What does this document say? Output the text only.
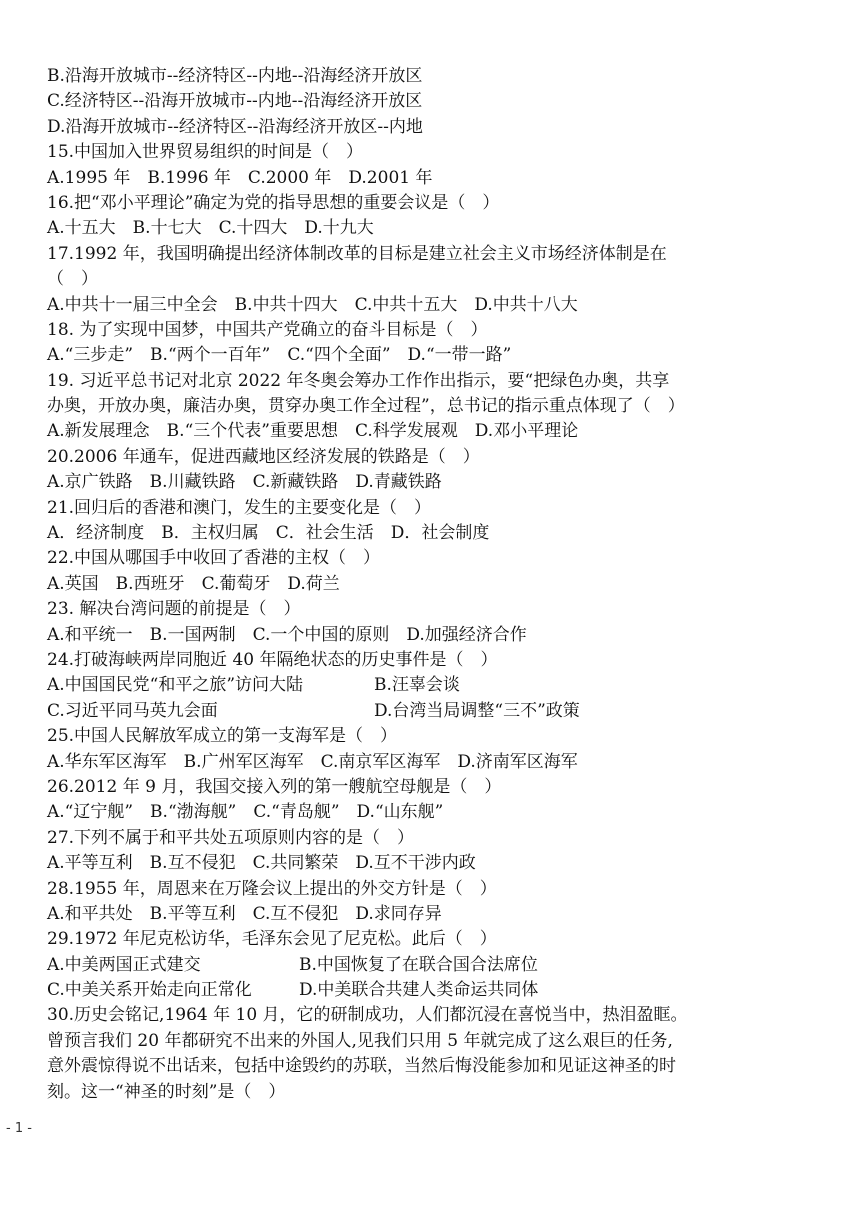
B.沿海开放城市--经济特区--内地--沿海经济开放区
C.经济特区--沿海开放城市--内地--沿海经济开放区
D.沿海开放城市--经济特区--沿海经济开放区--内地
15.中国加入世界贸易组织的时间是（　）
A.1995 年　B.1996 年　C.2000 年　D.2001 年
16.把“邓小平理论”确定为党的指导思想的重要会议是（　）
A.十五大　B.十七大　C.十四大　D.十九大
17.1992 年，我国明确提出经济体制改革的目标是建立社会主义市场经济体制是在
（　）
A.中共十一届三中全会　B.中共十四大　C.中共十五大　D.中共十八大
18. 为了实现中国梦，中国共产党确立的奋斗目标是（　）
A.“三步走”　B.“两个一百年”　C.“四个全面”　D.“一带一路”
19. 习近平总书记对北京 2022 年冬奥会筹办工作作出指示，要“把绿色办奥，共享
办奥，开放办奥，廉洁办奥，贯穿办奥工作全过程”，总书记的指示重点体现了（　）
A.新发展理念　B.“三个代表”重要思想　C.科学发展观　D.邓小平理论
20.2006 年通车，促进西藏地区经济发展的铁路是（　）
A.京广铁路　B.川藏铁路　C.新藏铁路　D.青藏铁路
21.回归后的香港和澳门，发生的主要变化是（　）
A．经济制度　B．主权归属　C．社会生活　D．社会制度
22.中国从哪国手中收回了香港的主权（　）
A.英国　B.西班牙　C.葡萄牙　D.荷兰
23. 解决台湾问题的前提是（　）
A.和平统一　B.一国两制　C.一个中国的原则　D.加强经济合作
24.打破海峡两岸同胞近 40 年隔绝状态的历史事件是（　）
A.中国国民党“和平之旅”访问大陆	B.汪辜会谈
C.习近平同马英九会面	D.台湾当局调整“三不”政策
25.中国人民解放军成立的第一支海军是（　）
A.华东军区海军　B.广州军区海军　C.南京军区海军　D.济南军区海军
26.2012 年 9 月，我国交接入列的第一艘航空母舰是（　）
A.“辽宁舰”　B.“渤海舰”　C.“青岛舰”　D.“山东舰”
27.下列不属于和平共处五项原则内容的是（　）
A.平等互利　B.互不侵犯　C.共同繁荣　D.互不干涉内政
28.1955 年，周恩来在万隆会议上提出的外交方针是（　）
A.和平共处　B.平等互利　C.互不侵犯　D.求同存异
29.1972 年尼克松访华，毛泽东会见了尼克松。此后（　）
A.中美两国正式建交	B.中国恢复了在联合国合法席位
C.中美关系开始走向正常化	D.中美联合共建人类命运共同体
30.历史会铭记,1964 年 10 月，它的研制成功，人们都沉浸在喜悦当中，热泪盈眶。
曾预言我们 20 年都研究不出来的外国人,见我们只用 5 年就完成了这么艰巨的任务,
意外震惊得说不出话来，包括中途毁约的苏联，当然后悔没能参加和见证这神圣的时
刻。这一“神圣的时刻”是（　）
- 1 -
